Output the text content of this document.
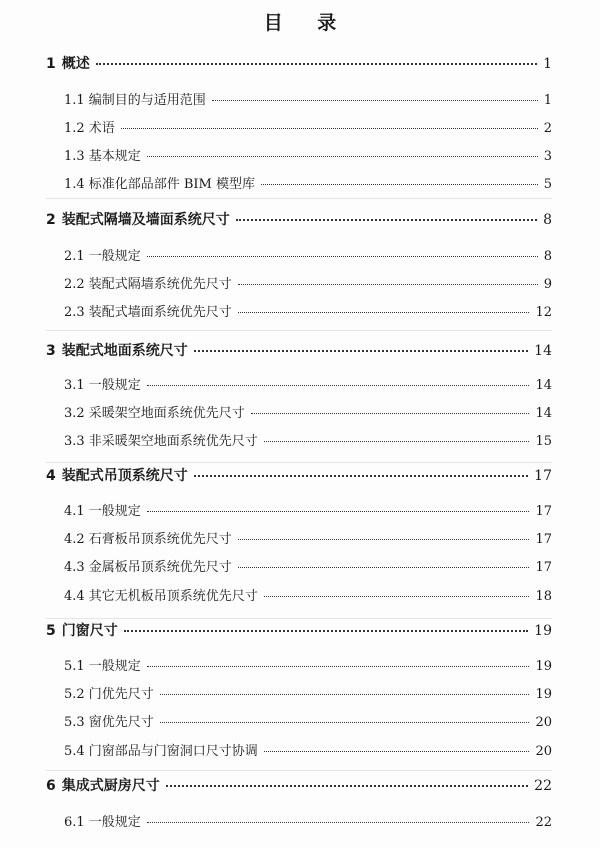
目 录
1 概述	1
1.1 编制目的与适用范围	1
1.2 术语	2
1.3 基本规定	3
1.4 标准化部品部件 BIM 模型库	5
2 装配式隔墙及墙面系统尺寸	8
2.1 一般规定	8
2.2 装配式隔墙系统优先尺寸	9
2.3 装配式墙面系统优先尺寸	12
3 装配式地面系统尺寸	14
3.1 一般规定	14
3.2 采暖架空地面系统优先尺寸	14
3.3 非采暖架空地面系统优先尺寸	15
4 装配式吊顶系统尺寸	17
4.1 一般规定	17
4.2 石膏板吊顶系统优先尺寸	17
4.3 金属板吊顶系统优先尺寸	17
4.4 其它无机板吊顶系统优先尺寸	18
5 门窗尺寸	19
5.1 一般规定	19
5.2 门优先尺寸	19
5.3 窗优先尺寸	20
5.4 门窗部品与门窗洞口尺寸协调	20
6 集成式厨房尺寸	22
6.1 一般规定	22
